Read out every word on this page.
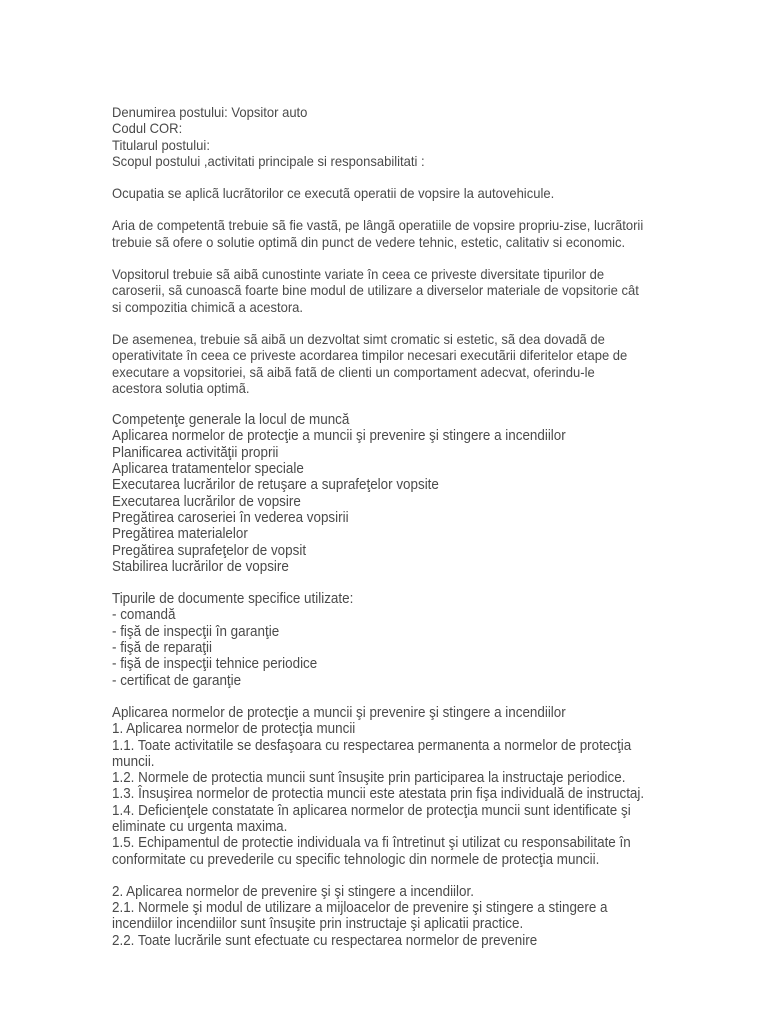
Denumirea postului: Vopsitor auto
Codul COR:
Titularul postului:
Scopul postului ,activitati principale si responsabilitati :
Ocupatia se aplicã lucrãtorilor ce executã operatii de vopsire la autovehicule.
Aria de competentã trebuie sã fie vastã, pe lângã operatiile de vopsire propriu-zise, lucrãtorii
trebuie sã ofere o solutie optimã din punct de vedere tehnic, estetic, calitativ si economic.
Vopsitorul trebuie sã aibã cunostinte variate în ceea ce priveste diversitate tipurilor de
caroserii, sã cunoascã foarte bine modul de utilizare a diverselor materiale de vopsitorie cât
si compozitia chimicã a acestora.
De asemenea, trebuie sã aibã un dezvoltat simt cromatic si estetic, sã dea dovadã de
operativitate în ceea ce priveste acordarea timpilor necesari executãrii diferitelor etape de
executare a vopsitoriei, sã aibã fatã de clienti un comportament adecvat, oferindu-le
acestora solutia optimã.
Competenţe generale la locul de muncă
Aplicarea normelor de protecţie a muncii şi prevenire şi stingere a incendiilor
Planificarea activităţii proprii
Aplicarea tratamentelor speciale
Executarea lucrărilor de retuşare a suprafeţelor vopsite
Executarea lucrărilor de vopsire
Pregătirea caroseriei în vederea vopsirii
Pregătirea materialelor
Pregătirea suprafeţelor de vopsit
Stabilirea lucrărilor de vopsire
Tipurile de documente specifice utilizate:
- comandă
- fişă de inspecţii în garanţie
- fişă de reparaţii
- fişă de inspecţii tehnice periodice
- certificat de garanţie
Aplicarea normelor de protecţie a muncii şi prevenire şi stingere a incendiilor
1. Aplicarea normelor de protecţia muncii
1.1. Toate activitatile se desfaşoara cu respectarea permanenta a normelor de protecţia
muncii.
1.2. Normele de protectia muncii sunt însuşite prin participarea la instructaje periodice.
1.3. Însuşirea normelor de protectia muncii este atestata prin fişa individuală de instructaj.
1.4. Deficienţele constatate în aplicarea normelor de protecţia muncii sunt identificate şi
eliminate cu urgenta maxima.
1.5. Echipamentul de protectie individuala va fi întretinut şi utilizat cu responsabilitate în
conformitate cu prevederile cu specific tehnologic din normele de protecţia muncii.
2. Aplicarea normelor de prevenire şi şi stingere a incendiilor.
2.1. Normele şi modul de utilizare a mijloacelor de prevenire şi stingere a stingere a
incendiilor incendiilor sunt însuşite prin instructaje şi aplicatii practice.
2.2. Toate lucrările sunt efectuate cu respectarea normelor de prevenire
